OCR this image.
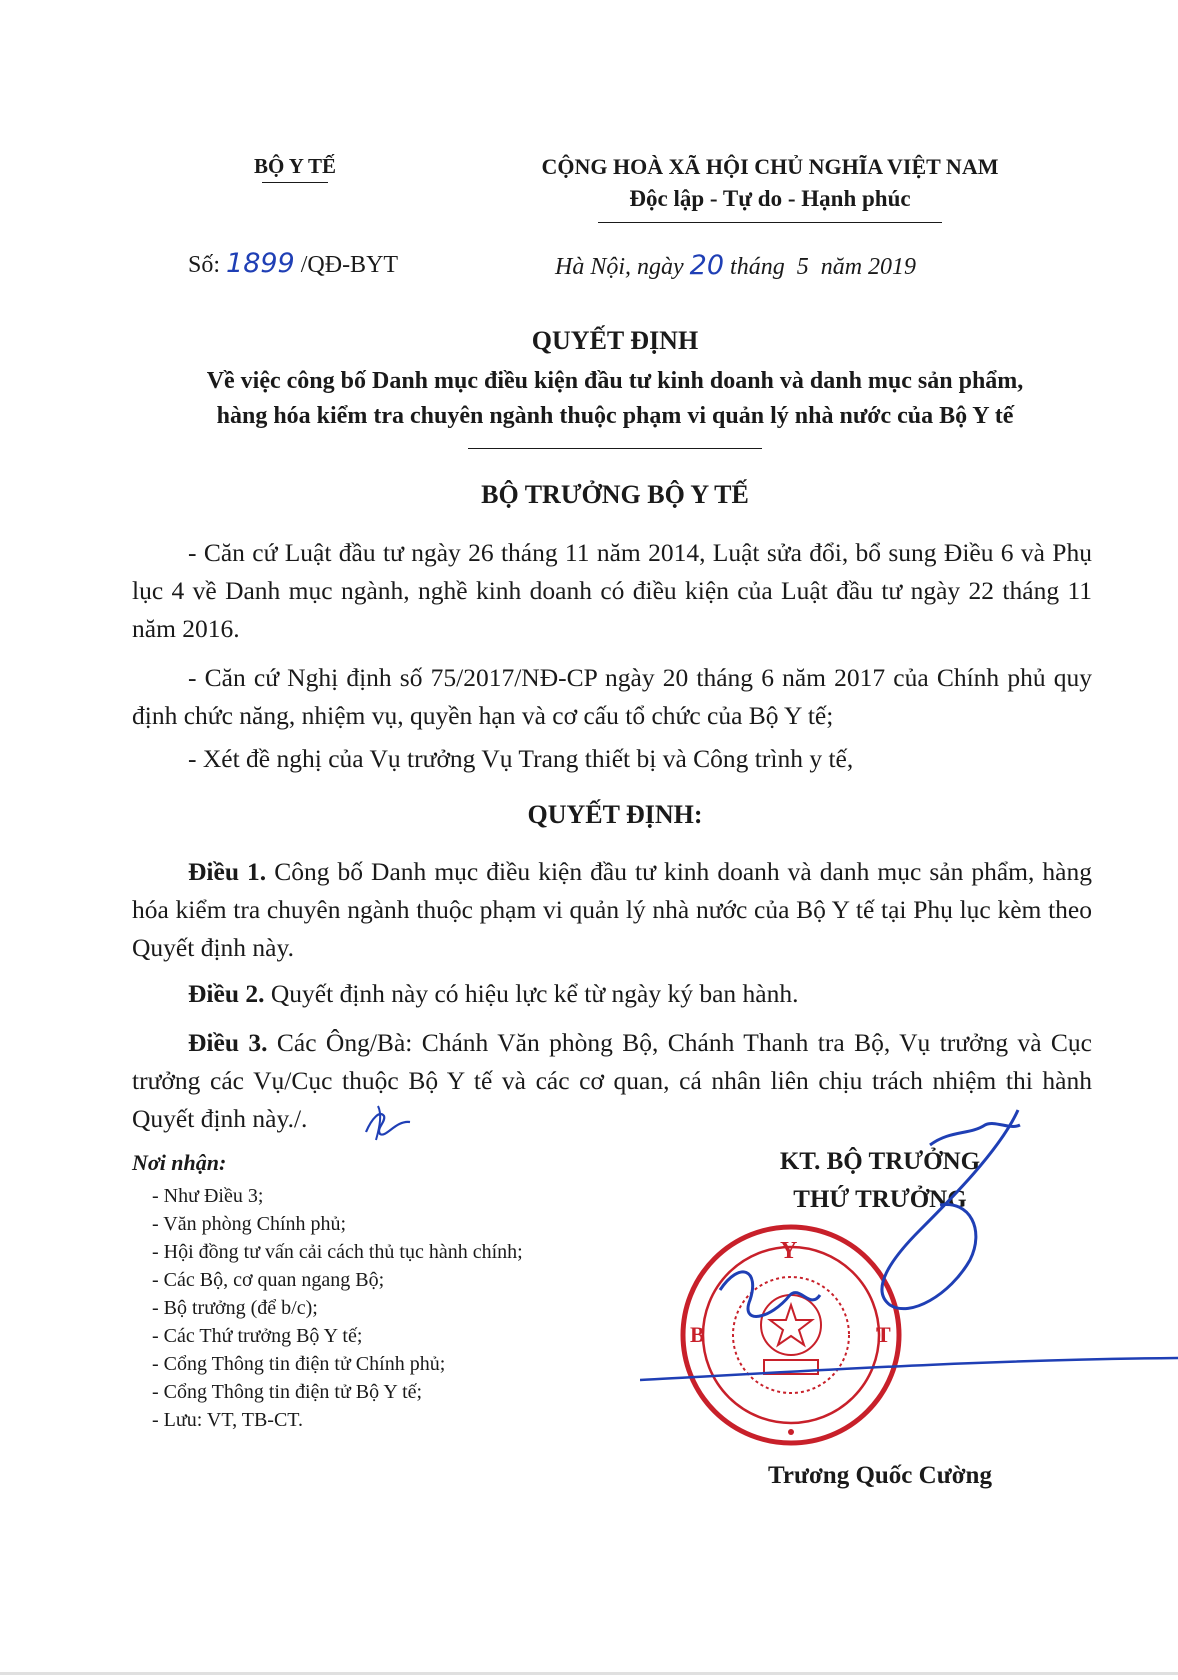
BỘ Y TẾ	CỘNG HOÀ XÃ HỘI CHỦ NGHĨA VIỆT NAM
Độc lập - Tự do - Hạnh phúc
Số: 1899 /QĐ-BYT	Hà Nội, ngày 20 tháng 5 năm 2019
QUYẾT ĐỊNH
Về việc công bố Danh mục điều kiện đầu tư kinh doanh và danh mục sản phẩm,
hàng hóa kiểm tra chuyên ngành thuộc phạm vi quản lý nhà nước của Bộ Y tế
BỘ TRƯỞNG BỘ Y TẾ
- Căn cứ Luật đầu tư ngày 26 tháng 11 năm 2014, Luật sửa đổi, bổ sung Điều 6 và Phụ lục 4 về Danh mục ngành, nghề kinh doanh có điều kiện của Luật đầu tư ngày 22 tháng 11 năm 2016.
- Căn cứ Nghị định số 75/2017/NĐ-CP ngày 20 tháng 6 năm 2017 của Chính phủ quy định chức năng, nhiệm vụ, quyền hạn và cơ cấu tổ chức của Bộ Y tế;
- Xét đề nghị của Vụ trưởng Vụ Trang thiết bị và Công trình y tế,
QUYẾT ĐỊNH:
Điều 1. Công bố Danh mục điều kiện đầu tư kinh doanh và danh mục sản phẩm, hàng hóa kiểm tra chuyên ngành thuộc phạm vi quản lý nhà nước của Bộ Y tế tại Phụ lục kèm theo Quyết định này.
Điều 2. Quyết định này có hiệu lực kể từ ngày ký ban hành.
Điều 3. Các Ông/Bà: Chánh Văn phòng Bộ, Chánh Thanh tra Bộ, Vụ trưởng và Cục trưởng các Vụ/Cục thuộc Bộ Y tế và các cơ quan, cá nhân liên chịu trách nhiệm thi hành Quyết định này./.
Nơi nhận:
- Như Điều 3;
- Văn phòng Chính phủ;
- Hội đồng tư vấn cải cách thủ tục hành chính;
- Các Bộ, cơ quan ngang Bộ;
- Bộ trưởng (để b/c);
- Các Thứ trưởng Bộ Y tế;
- Cổng Thông tin điện tử Chính phủ;
- Cổng Thông tin điện tử Bộ Y tế;
- Lưu: VT, TB-CT.
KT. BỘ TRƯỞNG
THỨ TRƯỞNG
Y
B	T
Trương Quốc Cường
